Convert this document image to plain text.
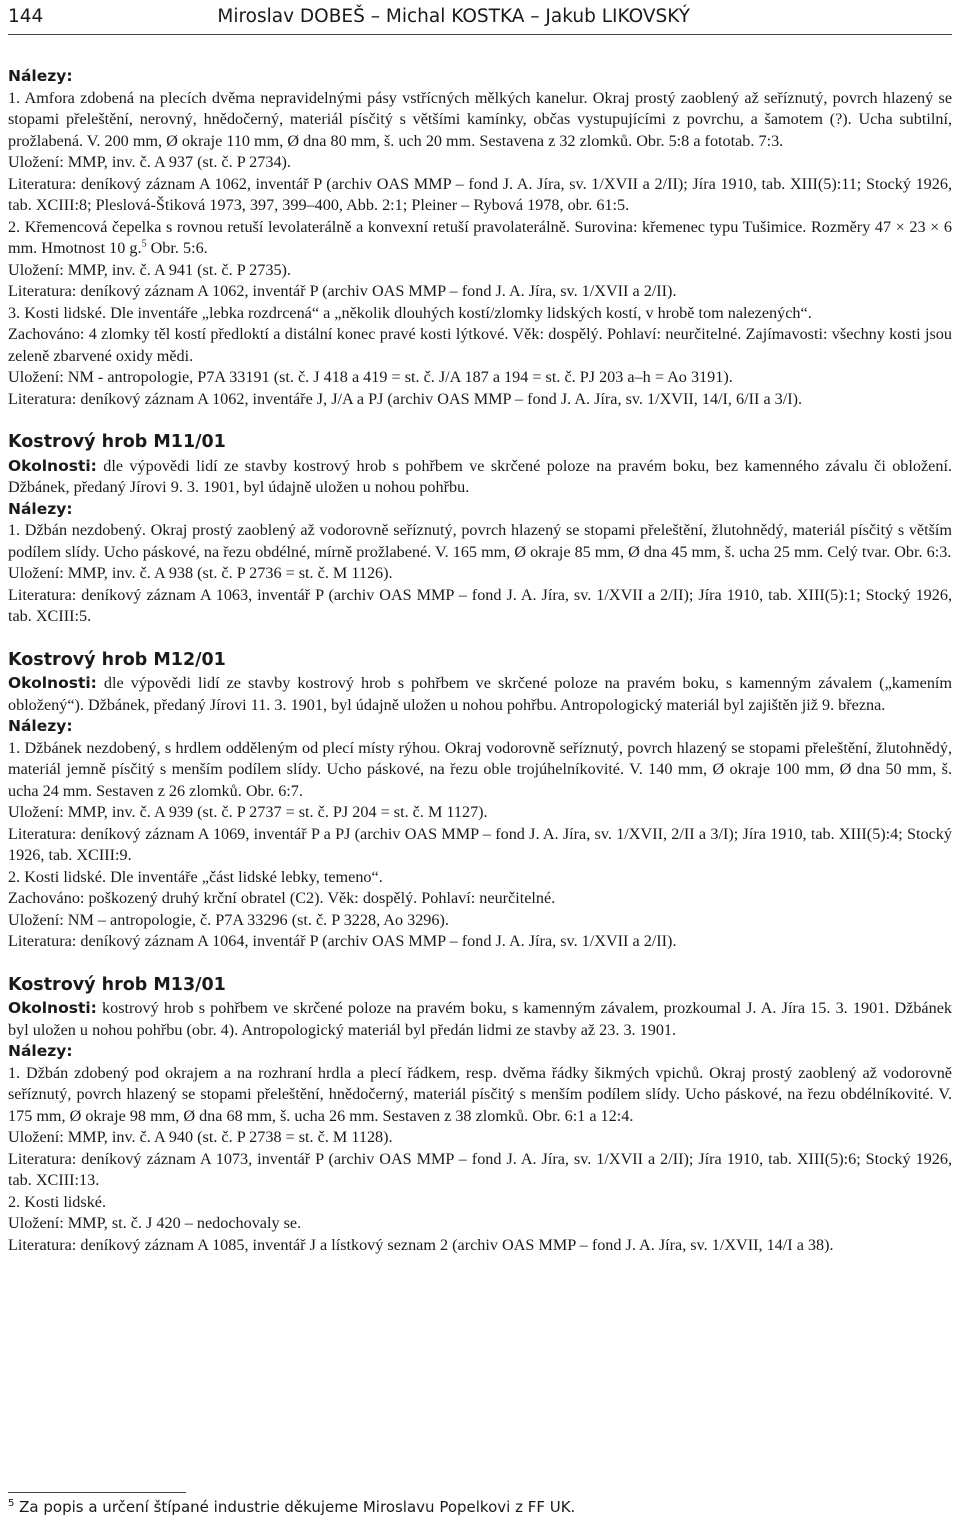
144	Miroslav DOBEŠ – Michal KOSTKA – Jakub LIKOVSKÝ

Nálezy:

1. Amfora zdobená na plecích dvěma nepravidelnými pásy vstřícných mělkých kanelur. Okraj prostý zaoblený až seříznutý, povrch hlazený se stopami přeleštění, nerovný, hnědočerný, materiál písčitý s většími kamínky, občas vystupujícími z povrchu, a šamotem (?). Ucha subtilní, prožlabená. V. 200 mm, Ø okraje 110 mm, Ø dna 80 mm, š. uch 20 mm. Sestavena z 32 zlomků. Obr. 5:8 a fototab. 7:3.

Uložení: MMP, inv. č. A 937 (st. č. P 2734).

Literatura: deníkový záznam A 1062, inventář P (archiv OAS MMP – fond J. A. Jíra, sv. 1/XVII a 2/II); Jíra 1910, tab. XIII(5):11; Stocký 1926, tab. XCIII:8; Pleslová-Štiková 1973, 397, 399–400, Abb. 2:1; Pleiner – Rybová 1978, obr. 61:5.

2. Křemencová čepelka s rovnou retuší levolaterálně a konvexní retuší pravolaterálně. Surovina: křemenec typu Tušimice. Rozměry 47 × 23 × 6 mm. Hmotnost 10 g.$^5$ Obr. 5:6.

Uložení: MMP, inv. č. A 941 (st. č. P 2735).

Literatura: deníkový záznam A 1062, inventář P (archiv OAS MMP – fond J. A. Jíra, sv. 1/XVII a 2/II).

3. Kosti lidské. Dle inventáře „lebka rozdrcená“ a „několik dlouhých kostí/zlomky lidských kostí, v hrobě tom nalezených“.

Zachováno: 4 zlomky těl kostí předloktí a distální konec pravé kosti lýtkové. Věk: dospělý. Pohlaví: neurčitelné. Zajímavosti: všechny kosti jsou zeleně zbarvené oxidy mědi.

Uložení: NM - antropologie, P7A 33191 (st. č. J 418 a 419 = st. č. J/A 187 a 194 = st. č. PJ 203 a–h = Ao 3191).

Literatura: deníkový záznam A 1062, inventáře J, J/A a PJ (archiv OAS MMP – fond J. A. Jíra, sv. 1/XVII, 14/I, 6/II a 3/I).

Kostrový hrob M11/01

Okolnosti: dle výpovědi lidí ze stavby kostrový hrob s pohřbem ve skrčené poloze na pravém boku, bez kamenného závalu či obložení. Džbánek, předaný Jírovi 9. 3. 1901, byl údajně uložen u nohou pohřbu.

Nálezy:

1. Džbán nezdobený. Okraj prostý zaoblený až vodorovně seříznutý, povrch hlazený se stopami přeleštění, žlutohnědý, materiál písčitý s větším podílem slídy. Ucho páskové, na řezu obdélné, mírně prožlabené. V. 165 mm, Ø okraje 85 mm, Ø dna 45 mm, š. ucha 25 mm. Celý tvar. Obr. 6:3.

Uložení: MMP, inv. č. A 938 (st. č. P 2736 = st. č. M 1126).

Literatura: deníkový záznam A 1063, inventář P (archiv OAS MMP – fond J. A. Jíra, sv. 1/XVII a 2/II); Jíra 1910, tab. XIII(5):1; Stocký 1926, tab. XCIII:5.

Kostrový hrob M12/01

Okolnosti: dle výpovědi lidí ze stavby kostrový hrob s pohřbem ve skrčené poloze na pravém boku, s kamenným závalem („kamením obložený“). Džbánek, předaný Jírovi 11. 3. 1901, byl údajně uložen u nohou pohřbu. Antropologický materiál byl zajištěn již 9. března.

Nálezy:

1. Džbánek nezdobený, s hrdlem odděleným od plecí místy rýhou. Okraj vodorovně seříznutý, povrch hlazený se stopami přeleštění, žlutohnědý, materiál jemně písčitý s menším podílem slídy. Ucho páskové, na řezu oble trojúhelníkovité. V. 140 mm, Ø okraje 100 mm, Ø dna 50 mm, š. ucha 24 mm. Sestaven z 26 zlomků. Obr. 6:7.

Uložení: MMP, inv. č. A 939 (st. č. P 2737 = st. č. PJ 204 = st. č. M 1127).

Literatura: deníkový záznam A 1069, inventář P a PJ (archiv OAS MMP – fond J. A. Jíra, sv. 1/XVII, 2/II a 3/I); Jíra 1910, tab. XIII(5):4; Stocký 1926, tab. XCIII:9.

2. Kosti lidské. Dle inventáře „část lidské lebky, temeno“.

Zachováno: poškozený druhý krční obratel (C2). Věk: dospělý. Pohlaví: neurčitelné.

Uložení: NM – antropologie, č. P7A 33296 (st. č. P 3228, Ao 3296).

Literatura: deníkový záznam A 1064, inventář P (archiv OAS MMP – fond J. A. Jíra, sv. 1/XVII a 2/II).

Kostrový hrob M13/01

Okolnosti: kostrový hrob s pohřbem ve skrčené poloze na pravém boku, s kamenným závalem, prozkoumal J. A. Jíra 15. 3. 1901. Džbánek byl uložen u nohou pohřbu (obr. 4). Antropologický materiál byl předán lidmi ze stavby až 23. 3. 1901.

Nálezy:

1. Džbán zdobený pod okrajem a na rozhraní hrdla a plecí řádkem, resp. dvěma řádky šikmých vpichů. Okraj prostý zaoblený až vodorovně seříznutý, povrch hlazený se stopami přeleštění, hnědočerný, materiál písčitý s menším podílem slídy. Ucho páskové, na řezu obdélníkovité. V. 175 mm, Ø okraje 98 mm, Ø dna 68 mm, š. ucha 26 mm. Sestaven z 38 zlomků. Obr. 6:1 a 12:4.

Uložení: MMP, inv. č. A 940 (st. č. P 2738 = st. č. M 1128).

Literatura: deníkový záznam A 1073, inventář P (archiv OAS MMP – fond J. A. Jíra, sv. 1/XVII a 2/II); Jíra 1910, tab. XIII(5):6; Stocký 1926, tab. XCIII:13.

2. Kosti lidské.

Uložení: MMP, st. č. J 420 – nedochovaly se.

Literatura: deníkový záznam A 1085, inventář J a lístkový seznam 2 (archiv OAS MMP – fond J. A. Jíra, sv. 1/XVII, 14/I a 38).

$^5$ Za popis a určení štípané industrie děkujeme Miroslavu Popelkovi z FF UK.
